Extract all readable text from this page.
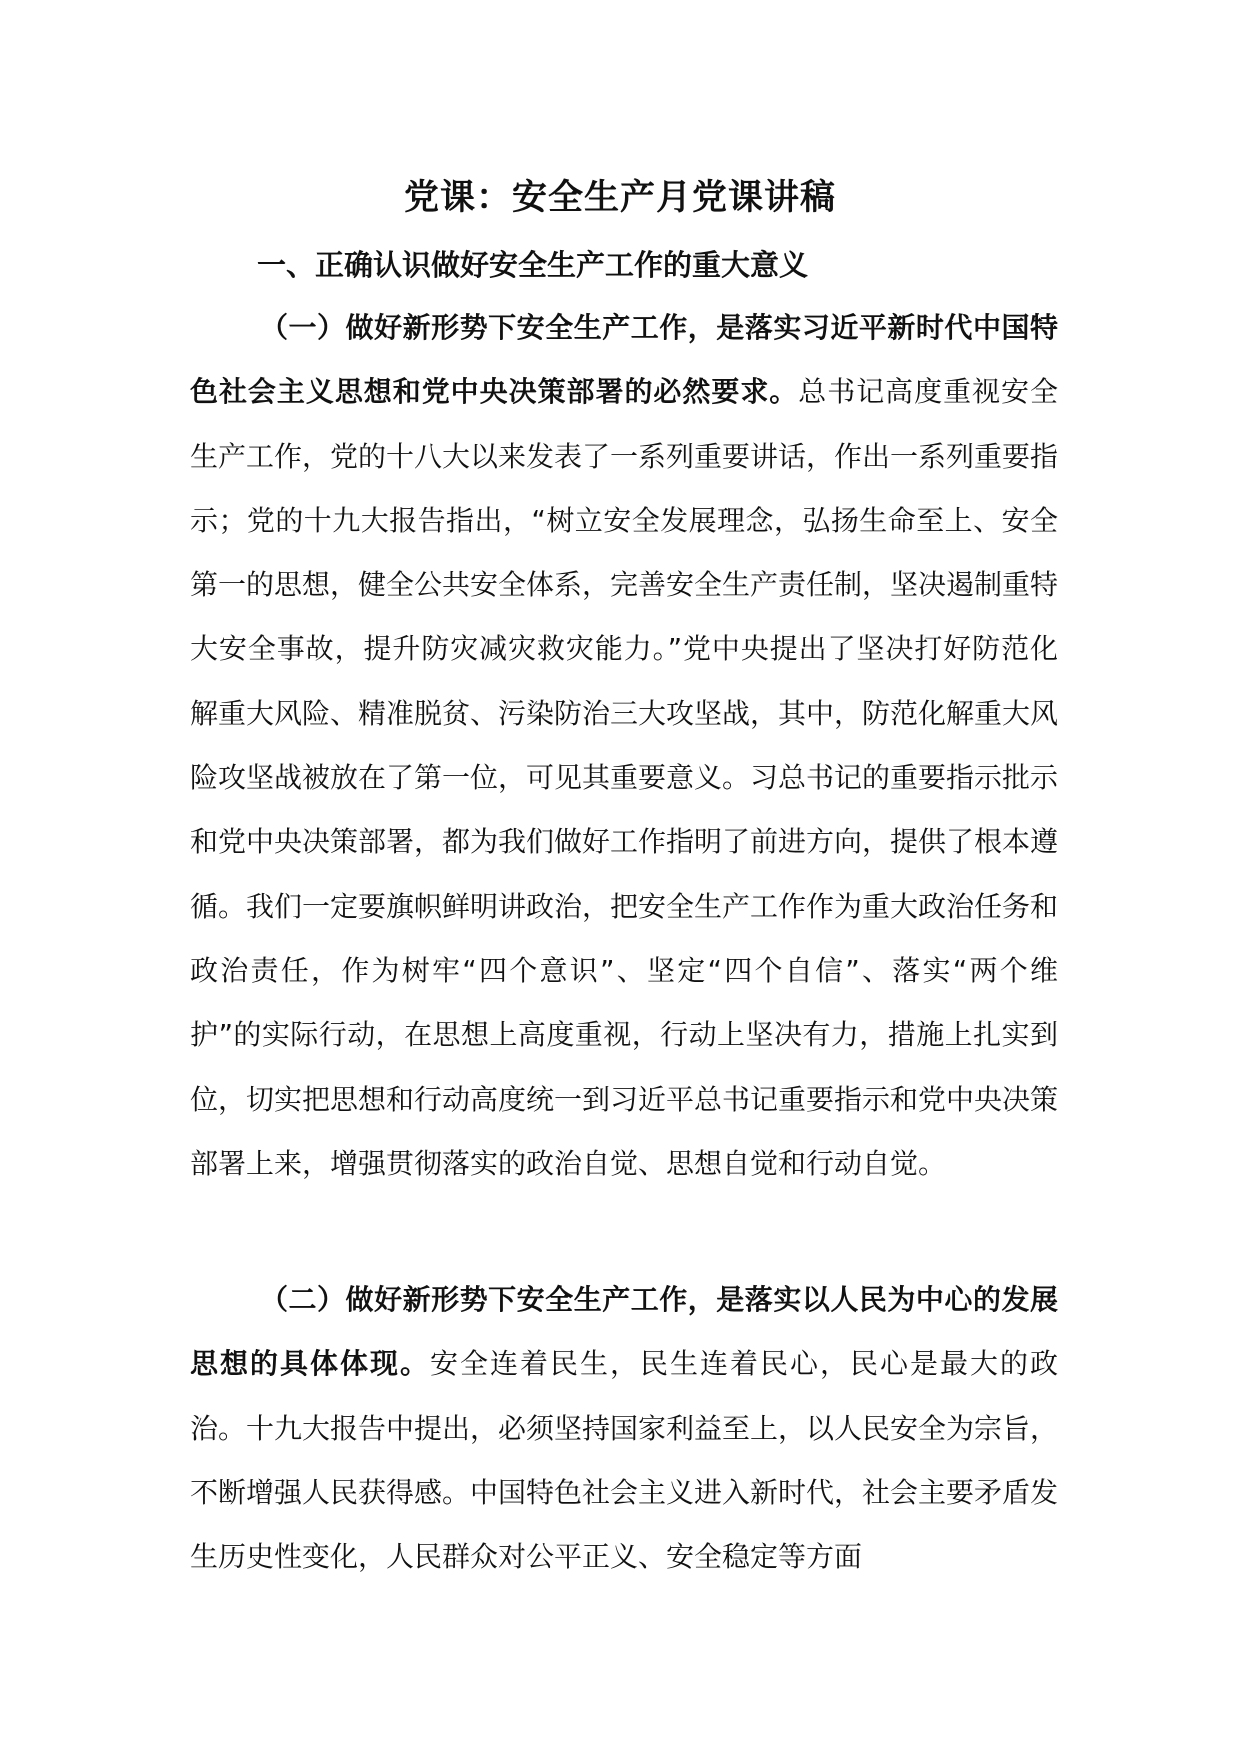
党课：安全生产月党课讲稿
一、正确认识做好安全生产工作的重大意义
（一）做好新形势下安全生产工作，是落实习近平新时代中国特色社会主义思想和党中央决策部署的必然要求。总书记高度重视安全生产工作，党的十八大以来发表了一系列重要讲话，作出一系列重要指示；党的十九大报告指出，“树立安全发展理念，弘扬生命至上、安全第一的思想，健全公共安全体系，完善安全生产责任制，坚决遏制重特大安全事故，提升防灾减灾救灾能力。”党中央提出了坚决打好防范化解重大风险、精准脱贫、污染防治三大攻坚战，其中，防范化解重大风险攻坚战被放在了第一位，可见其重要意义。习总书记的重要指示批示和党中央决策部署，都为我们做好工作指明了前进方向，提供了根本遵循。我们一定要旗帜鲜明讲政治，把安全生产工作作为重大政治任务和政治责任，作为树牢“四个意识”、坚定“四个自信”、落实“两个维护”的实际行动，在思想上高度重视，行动上坚决有力，措施上扎实到位，切实把思想和行动高度统一到习近平总书记重要指示和党中央决策部署上来，增强贯彻落实的政治自觉、思想自觉和行动自觉。
（二）做好新形势下安全生产工作，是落实以人民为中心的发展思想的具体体现。安全连着民生，民生连着民心，民心是最大的政治。十九大报告中提出，必须坚持国家利益至上，以人民安全为宗旨，不断增强人民获得感。中国特色社会主义进入新时代，社会主要矛盾发生历史性变化，人民群众对公平正义、安全稳定等方面
